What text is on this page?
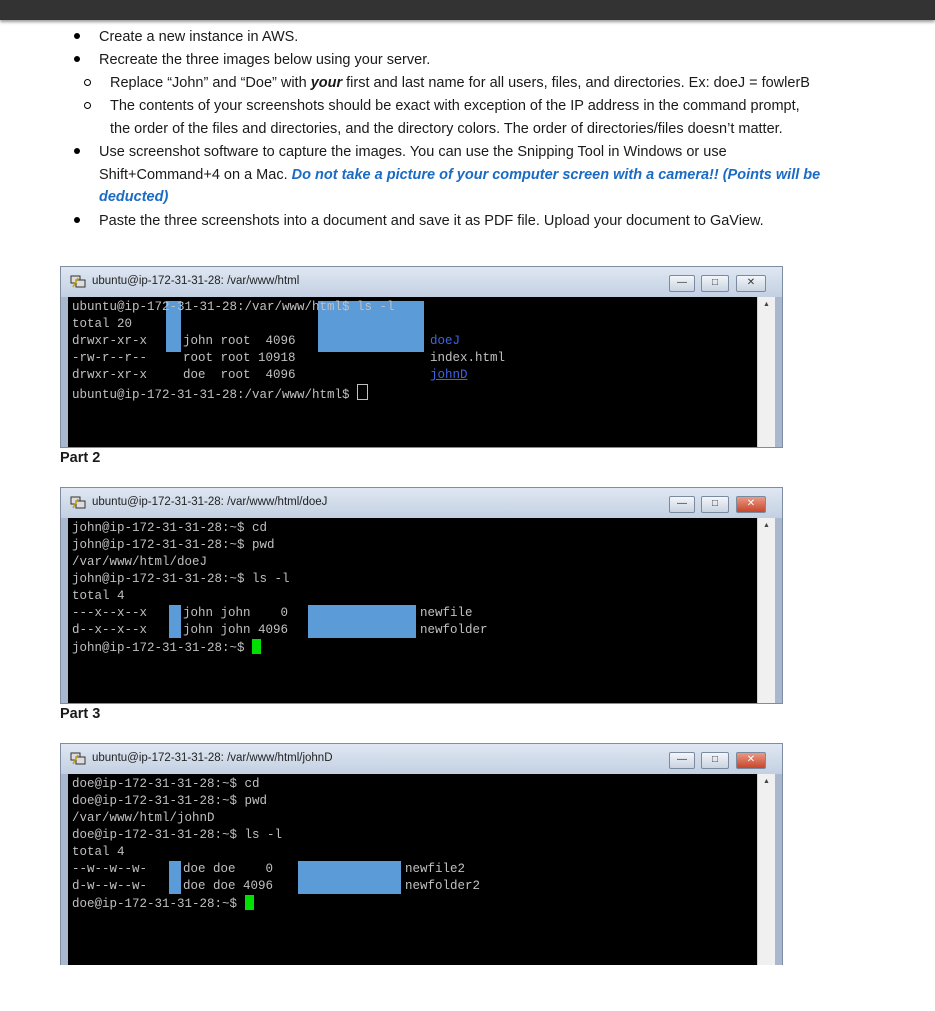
Create a new instance in AWS.
Recreate the three images below using your server.
Replace “John” and “Doe” with your first and last name for all users, files, and directories. Ex: doeJ = fowlerB
The contents of your screenshots should be exact with exception of the IP address in the command prompt,
the order of the files and directories, and the directory colors. The order of directories/files doesn’t matter.
Use screenshot software to capture the images. You can use the Snipping Tool in Windows or use
Shift+Command+4 on a Mac. Do not take a picture of your computer screen with a camera!! (Points will be
deducted)
Paste the three screenshots into a document and save it as PDF file. Upload your document to GaView.
ubuntu@ip-172-31-31-28: /var/www/html	—	□	✕
ubuntu@ip-172-31-31-28:/var/www/html$ ls -l
total 20
drwxr-xr-x	john root  4096	doeJ
-rw-r--r--	root root 10918	index.html
drwxr-xr-x	doe  root  4096	johnD
ubuntu@ip-172-31-31-28:/var/www/html$
▲
Part 2
ubuntu@ip-172-31-31-28: /var/www/html/doeJ	—	□	✕
john@ip-172-31-31-28:~$ cd
john@ip-172-31-31-28:~$ pwd
/var/www/html/doeJ
john@ip-172-31-31-28:~$ ls -l
total 4
---x--x--x	john john    0	newfile
d--x--x--x	john john 4096	newfolder
john@ip-172-31-31-28:~$
▲
Part 3
ubuntu@ip-172-31-31-28: /var/www/html/johnD	—	□	✕
doe@ip-172-31-31-28:~$ cd
doe@ip-172-31-31-28:~$ pwd
/var/www/html/johnD
doe@ip-172-31-31-28:~$ ls -l
total 4
--w--w--w-	doe doe    0	newfile2
d-w--w--w-	doe doe 4096	newfolder2
doe@ip-172-31-31-28:~$
▲
